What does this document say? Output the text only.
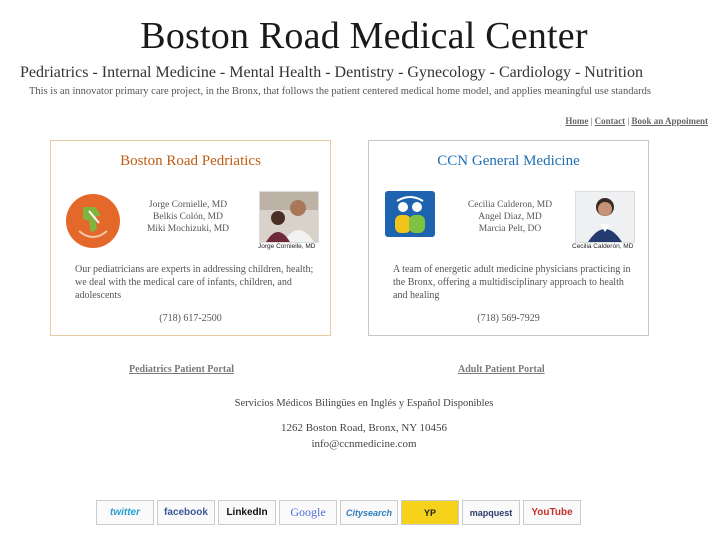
Boston Road Medical Center
Pedriatrics - Internal Medicine - Mental Health - Dentistry - Gynecology - Cardiology - Nutrition
This is an innovator primary care project, in the Bronx, that follows the patient centered medical home model, and applies meaningful use standards
Home | Contact | Book an Appoiment
Boston Road Pedriatics
Jorge Cornielle, MD
Belkis Colón, MD
Miki Mochizuki, MD
Jorge Cornielle, MD
Our pediatricians are experts in addressing children, health; we deal with the medical care of infants, children, and adolescents
(718) 617-2500
CCN General Medicine
Cecilia Calderon, MD
Angel Diaz, MD
Marcia Pelt, DO
Cecilia Calderón, MD
A team of energetic adult medicine physicians practicing in the Bronx, offering a multidisciplinary approach to health and healing
(718) 569-7929
Pediatrics Patient Portal	Adult Patient Portal
Servicios Médicos Bilingües en Inglés y Español Disponibles
1262 Boston Road, Bronx, NY 10456
info@ccnmedicine.com
twitter	facebook	LinkedIn	Google	Citysearch	YP	mapquest	YouTube
